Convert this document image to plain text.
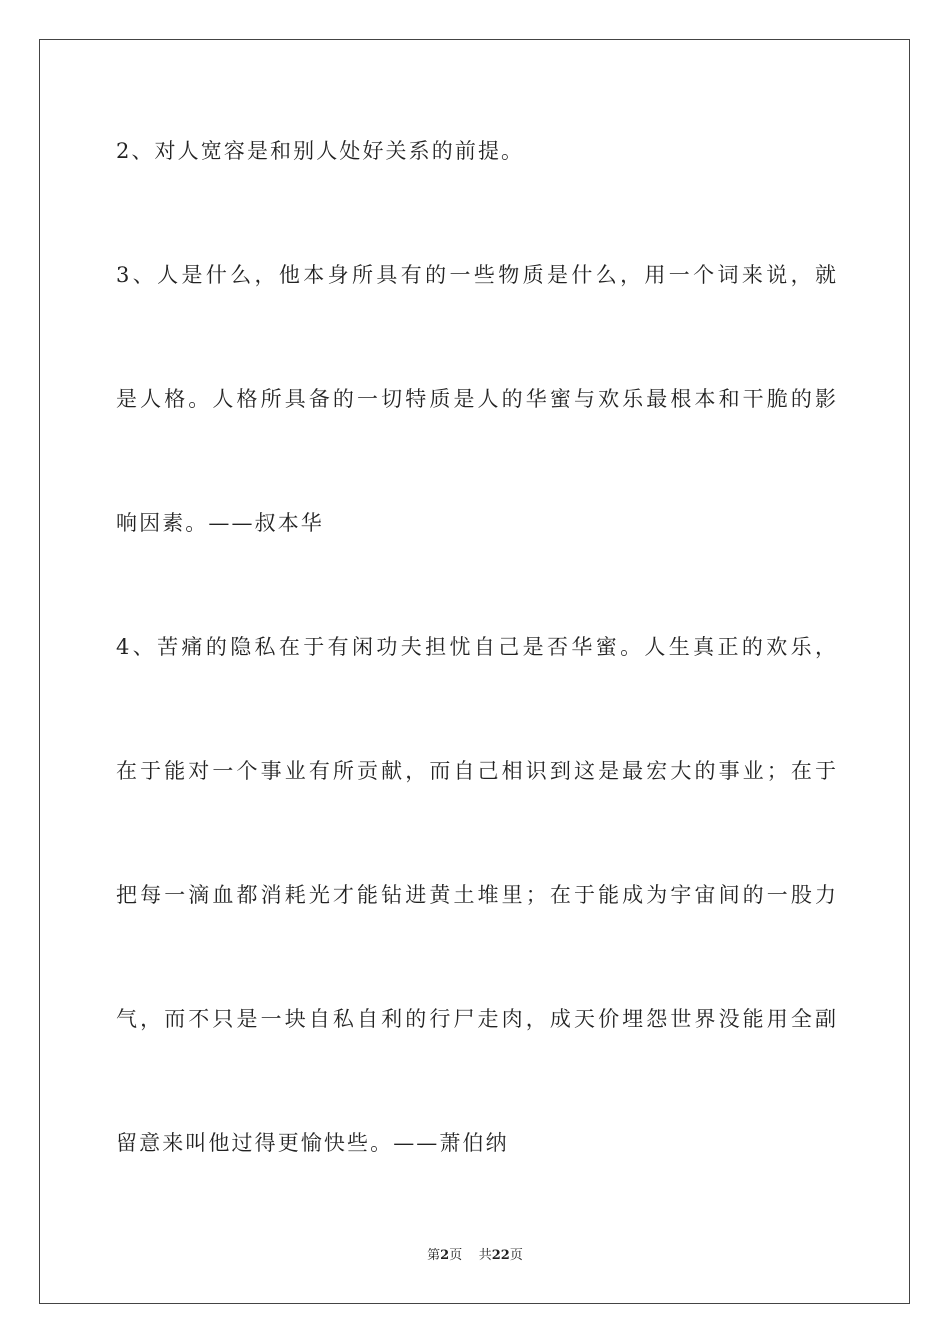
2、对人宽容是和别人处好关系的前提。
3、人是什么，他本身所具有的一些物质是什么，用一个词来说，就
是人格。人格所具备的一切特质是人的华蜜与欢乐最根本和干脆的影
响因素。——叔本华
4、苦痛的隐私在于有闲功夫担忧自己是否华蜜。人生真正的欢乐，
在于能对一个事业有所贡献，而自己相识到这是最宏大的事业；在于
把每一滴血都消耗光才能钻进黄土堆里；在于能成为宇宙间的一股力
气，而不只是一块自私自利的行尸走肉，成天价埋怨世界没能用全副
留意来叫他过得更愉快些。——萧伯纳
第2页 共22页
